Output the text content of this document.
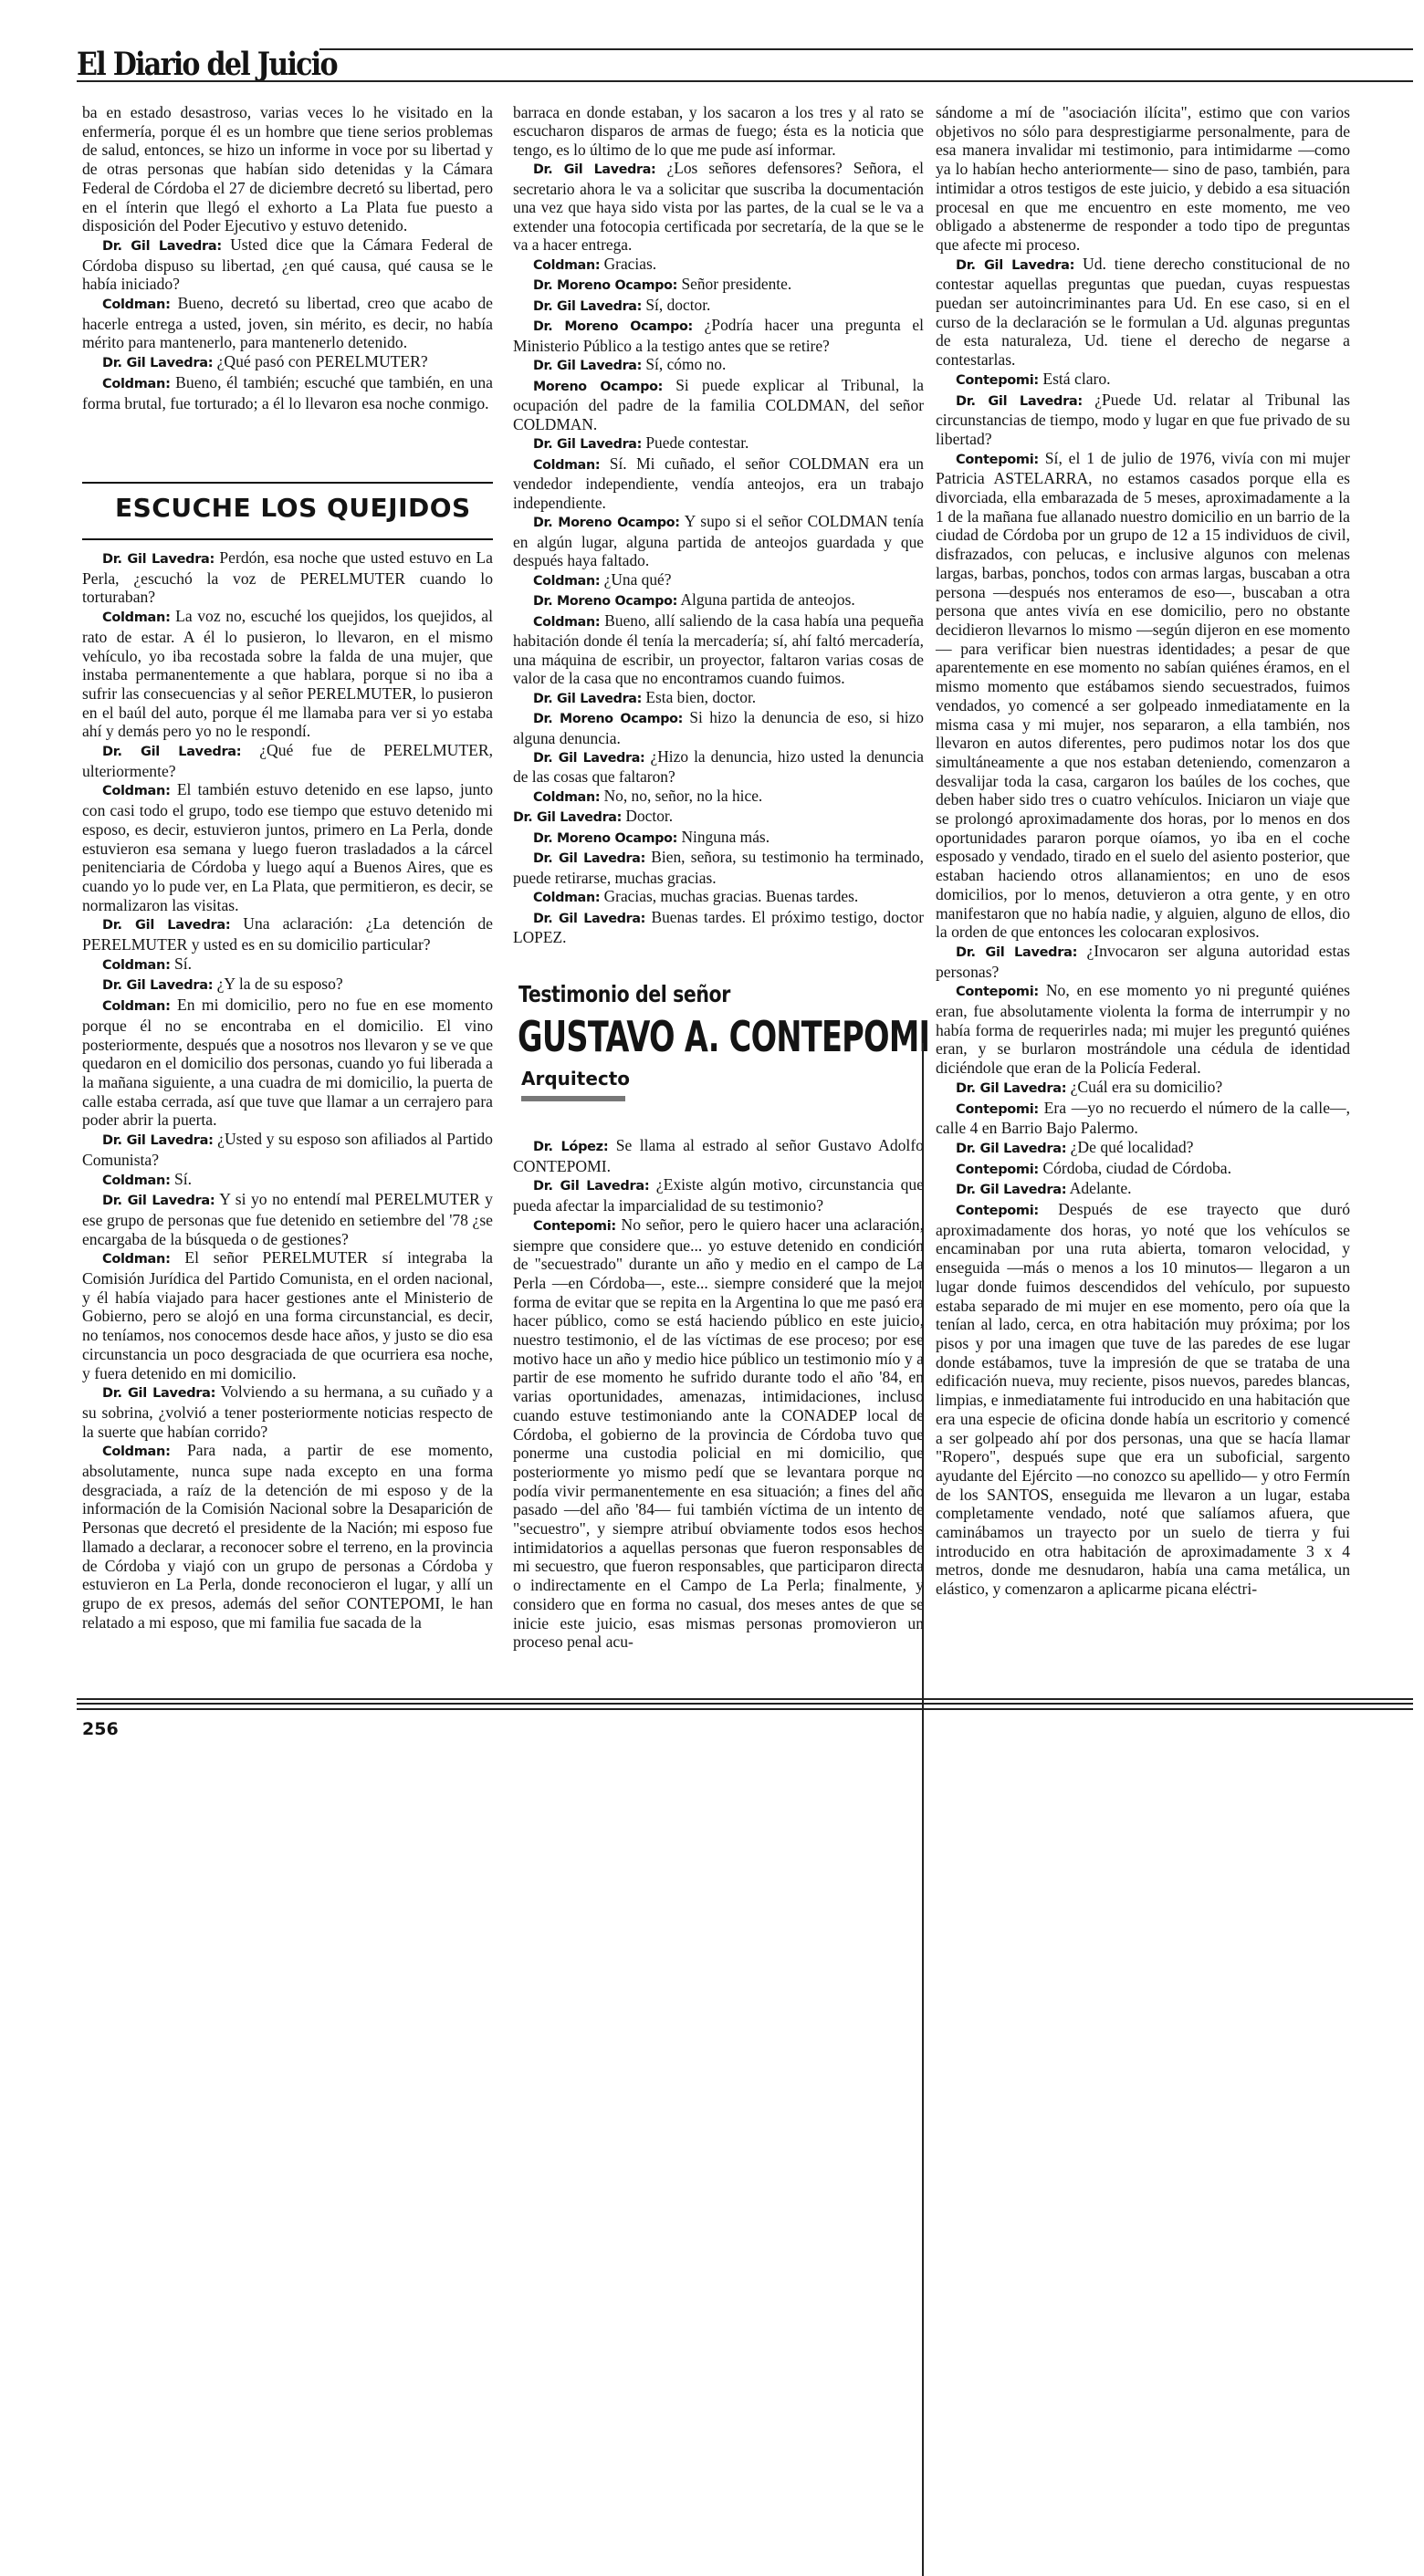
El Diario del Juicio

ba en estado desastroso, varias veces lo he visitado en la enfermería, porque él es un hombre que tiene serios problemas de salud, entonces, se hizo un informe in voce por su libertad y de otras personas que habían sido detenidas y la Cámara Federal de Córdoba el 27 de diciembre decretó su libertad, pero en el ínterin que llegó el exhorto a La Plata fue puesto a disposición del Poder Ejecutivo y estuvo detenido.

Dr. Gil Lavedra: Usted dice que la Cámara Federal de Córdoba dispuso su libertad, ¿en qué causa, qué causa se le había iniciado?

Coldman: Bueno, decretó su libertad, creo que acabo de hacerle entrega a usted, joven, sin mérito, es decir, no había mérito para mantenerlo, para mantenerlo detenido.

Dr. Gil Lavedra: ¿Qué pasó con PERELMUTER?

Coldman: Bueno, él también; escuché que también, en una forma brutal, fue torturado; a él lo llevaron esa noche conmigo.

ESCUCHE LOS QUEJIDOS

Dr. Gil Lavedra: Perdón, esa noche que usted estuvo en La Perla, ¿escuchó la voz de PERELMUTER cuando lo torturaban?

Coldman: La voz no, escuché los quejidos, los quejidos, al rato de estar. A él lo pusieron, lo llevaron, en el mismo vehículo, yo iba recostada sobre la falda de una mujer, que instaba permanentemente a que hablara, porque si no iba a sufrir las consecuencias y al señor PERELMUTER, lo pusieron en el baúl del auto, porque él me llamaba para ver si yo estaba ahí y demás pero yo no le respondí.

Dr. Gil Lavedra: ¿Qué fue de PERELMUTER, ulteriormente?

Coldman: El también estuvo detenido en ese lapso, junto con casi todo el grupo, todo ese tiempo que estuvo detenido mi esposo, es decir, estuvieron juntos, primero en La Perla, donde estuvieron esa semana y luego fueron trasladados a la cárcel penitenciaria de Córdoba y luego aquí a Buenos Aires, que es cuando yo lo pude ver, en La Plata, que permitieron, es decir, se normalizaron las visitas.

Dr. Gil Lavedra: Una aclaración: ¿La detención de PERELMUTER y usted es en su domicilio particular?

Coldman: Sí.

Dr. Gil Lavedra: ¿Y la de su esposo?

Coldman: En mi domicilio, pero no fue en ese momento porque él no se encontraba en el domicilio. El vino posteriormente, después que a nosotros nos llevaron y se ve que quedaron en el domicilio dos personas, cuando yo fui liberada a la mañana siguiente, a una cuadra de mi domicilio, la puerta de calle estaba cerrada, así que tuve que llamar a un cerrajero para poder abrir la puerta.

Dr. Gil Lavedra: ¿Usted y su esposo son afiliados al Partido Comunista?

Coldman: Sí.

Dr. Gil Lavedra: Y si yo no entendí mal PERELMUTER y ese grupo de personas que fue detenido en setiembre del '78 ¿se encargaba de la búsqueda o de gestiones?

Coldman: El señor PERELMUTER sí integraba la Comisión Jurídica del Partido Comunista, en el orden nacional, y él había viajado para hacer gestiones ante el Ministerio de Gobierno, pero se alojó en una forma circunstancial, es decir, no teníamos, nos conocemos desde hace años, y justo se dio esa circunstancia un poco desgraciada de que ocurriera esa noche, y fuera detenido en mi domicilio.

Dr. Gil Lavedra: Volviendo a su hermana, a su cuñado y a su sobrina, ¿volvió a tener posteriormente noticias respecto de la suerte que habían corrido?

Coldman: Para nada, a partir de ese momento, absolutamente, nunca supe nada excepto en una forma desgraciada, a raíz de la detención de mi esposo y de la información de la Comisión Nacional sobre la Desaparición de Personas que decretó el presidente de la Nación; mi esposo fue llamado a declarar, a reconocer sobre el terreno, en la provincia de Córdoba y viajó con un grupo de personas a Córdoba y estuvieron en La Perla, donde reconocieron el lugar, y allí un grupo de ex presos, además del señor CONTEPOMI, le han relatado a mi esposo, que mi familia fue sacada de la

barraca en donde estaban, y los sacaron a los tres y al rato se escucharon disparos de armas de fuego; ésta es la noticia que tengo, es lo último de lo que me pude así informar.

Dr. Gil Lavedra: ¿Los señores defensores? Señora, el secretario ahora le va a solicitar que suscriba la documentación una vez que haya sido vista por las partes, de la cual se le va a extender una fotocopia certificada por secretaría, de la que se le va a hacer entrega.

Coldman: Gracias.

Dr. Moreno Ocampo: Señor presidente.

Dr. Gil Lavedra: Sí, doctor.

Dr. Moreno Ocampo: ¿Podría hacer una pregunta el Ministerio Público a la testigo antes que se retire?

Dr. Gil Lavedra: Sí, cómo no.

Moreno Ocampo: Si puede explicar al Tribunal, la ocupación del padre de la familia COLDMAN, del señor COLDMAN.

Dr. Gil Lavedra: Puede contestar.

Coldman: Sí. Mi cuñado, el señor COLDMAN era un vendedor independiente, vendía anteojos, era un trabajo independiente.

Dr. Moreno Ocampo: Y supo si el señor COLDMAN tenía en algún lugar, alguna partida de anteojos guardada y que después haya faltado.

Coldman: ¿Una qué?

Dr. Moreno Ocampo: Alguna partida de anteojos.

Coldman: Bueno, allí saliendo de la casa había una pequeña habitación donde él tenía la mercadería; sí, ahí faltó mercadería, una máquina de escribir, un proyector, faltaron varias cosas de valor de la casa que no encontramos cuando fuimos.

Dr. Gil Lavedra: Esta bien, doctor.

Dr. Moreno Ocampo: Si hizo la denuncia de eso, si hizo alguna denuncia.

Dr. Gil Lavedra: ¿Hizo la denuncia, hizo usted la denuncia de las cosas que faltaron?

Coldman: No, no, señor, no la hice.

Dr. Gil Lavedra: Doctor.

Dr. Moreno Ocampo: Ninguna más.

Dr. Gil Lavedra: Bien, señora, su testimonio ha terminado, puede retirarse, muchas gracias.

Coldman: Gracias, muchas gracias. Buenas tardes.

Dr. Gil Lavedra: Buenas tardes. El próximo testigo, doctor LOPEZ.

Testimonio del señor
GUSTAVO A. CONTEPOMI
Arquitecto

Dr. López: Se llama al estrado al señor Gustavo Adolfo CONTEPOMI.

Dr. Gil Lavedra: ¿Existe algún motivo, circunstancia que pueda afectar la imparcialidad de su testimonio?

Contepomi: No señor, pero le quiero hacer una aclaración, siempre que considere que... yo estuve detenido en condición de "secuestrado" durante un año y medio en el campo de La Perla —en Córdoba—, este... siempre consideré que la mejor forma de evitar que se repita en la Argentina lo que me pasó era hacer público, como se está haciendo público en este juicio, nuestro testimonio, el de las víctimas de ese proceso; por ese motivo hace un año y medio hice público un testimonio mío y a partir de ese momento he sufrido durante todo el año '84, en varias oportunidades, amenazas, intimidaciones, incluso cuando estuve testimoniando ante la CONADEP local de Córdoba, el gobierno de la provincia de Córdoba tuvo que ponerme una custodia policial en mi domicilio, que posteriormente yo mismo pedí que se levantara porque no podía vivir permanentemente en esa situación; a fines del año pasado —del año '84— fui también víctima de un intento de "secuestro", y siempre atribuí obviamente todos esos hechos intimidatorios a aquellas personas que fueron responsables de mi secuestro, que fueron responsables, que participaron directa o indirectamente en el Campo de La Perla; finalmente, y considero que en forma no casual, dos meses antes de que se inicie este juicio, esas mismas personas promovieron un proceso penal acu-

sándome a mí de "asociación ilícita", estimo que con varios objetivos no sólo para desprestigiarme personalmente, para de esa manera invalidar mi testimonio, para intimidarme —como ya lo habían hecho anteriormente— sino de paso, también, para intimidar a otros testigos de este juicio, y debido a esa situación procesal en que me encuentro en este momento, me veo obligado a abstenerme de responder a todo tipo de preguntas que afecte mi proceso.

Dr. Gil Lavedra: Ud. tiene derecho constitucional de no contestar aquellas preguntas que puedan, cuyas respuestas puedan ser autoincriminantes para Ud. En ese caso, si en el curso de la declaración se le formulan a Ud. algunas preguntas de esta naturaleza, Ud. tiene el derecho de negarse a contestarlas.

Contepomi: Está claro.

Dr. Gil Lavedra: ¿Puede Ud. relatar al Tribunal las circunstancias de tiempo, modo y lugar en que fue privado de su libertad?

Contepomi: Sí, el 1 de julio de 1976, vivía con mi mujer Patricia ASTELARRA, no estamos casados porque ella es divorciada, ella embarazada de 5 meses, aproximadamente a la 1 de la mañana fue allanado nuestro domicilio en un barrio de la ciudad de Córdoba por un grupo de 12 a 15 individuos de civil, disfrazados, con pelucas, e inclusive algunos con melenas largas, barbas, ponchos, todos con armas largas, buscaban a otra persona —después nos enteramos de eso—, buscaban a otra persona que antes vivía en ese domicilio, pero no obstante decidieron llevarnos lo mismo —según dijeron en ese momento— para verificar bien nuestras identidades; a pesar de que aparentemente en ese momento no sabían quiénes éramos, en el mismo momento que estábamos siendo secuestrados, fuimos vendados, yo comencé a ser golpeado inmediatamente en la misma casa y mi mujer, nos separaron, a ella también, nos llevaron en autos diferentes, pero pudimos notar los dos que simultáneamente a que nos estaban deteniendo, comenzaron a desvalijar toda la casa, cargaron los baúles de los coches, que deben haber sido tres o cuatro vehículos. Iniciaron un viaje que se prolongó aproximadamente dos horas, por lo menos en dos oportunidades pararon porque oíamos, yo iba en el coche esposado y vendado, tirado en el suelo del asiento posterior, que estaban haciendo otros allanamientos; en uno de esos domicilios, por lo menos, detuvieron a otra gente, y en otro manifestaron que no había nadie, y alguien, alguno de ellos, dio la orden de que entonces les colocaran explosivos.

Dr. Gil Lavedra: ¿Invocaron ser alguna autoridad estas personas?

Contepomi: No, en ese momento yo ni pregunté quiénes eran, fue absolutamente violenta la forma de interrumpir y no había forma de requerirles nada; mi mujer les preguntó quiénes eran, y se burlaron mostrándole una cédula de identidad diciéndole que eran de la Policía Federal.

Dr. Gil Lavedra: ¿Cuál era su domicilio?

Contepomi: Era —yo no recuerdo el número de la calle—, calle 4 en Barrio Bajo Palermo.

Dr. Gil Lavedra: ¿De qué localidad?

Contepomi: Córdoba, ciudad de Córdoba.

Dr. Gil Lavedra: Adelante.

Contepomi: Después de ese trayecto que duró aproximadamente dos horas, yo noté que los vehículos se encaminaban por una ruta abierta, tomaron velocidad, y enseguida —más o menos a los 10 minutos— llegaron a un lugar donde fuimos descendidos del vehículo, por supuesto estaba separado de mi mujer en ese momento, pero oía que la tenían al lado, cerca, en otra habitación muy próxima; por los pisos y por una imagen que tuve de las paredes de ese lugar donde estábamos, tuve la impresión de que se trataba de una edificación nueva, muy reciente, pisos nuevos, paredes blancas, limpias, e inmediatamente fui introducido en una habitación que era una especie de oficina donde había un escritorio y comencé a ser golpeado ahí por dos personas, una que se hacía llamar "Ropero", después supe que era un suboficial, sargento ayudante del Ejército —no conozco su apellido— y otro Fermín de los SANTOS, enseguida me llevaron a un lugar, estaba completamente vendado, noté que salíamos afuera, que caminábamos un trayecto por un suelo de tierra y fui introducido en otra habitación de aproximadamente 3 x 4 metros, donde me desnudaron, había una cama metálica, un elástico, y comenzaron a aplicarme picana eléctri-

256
